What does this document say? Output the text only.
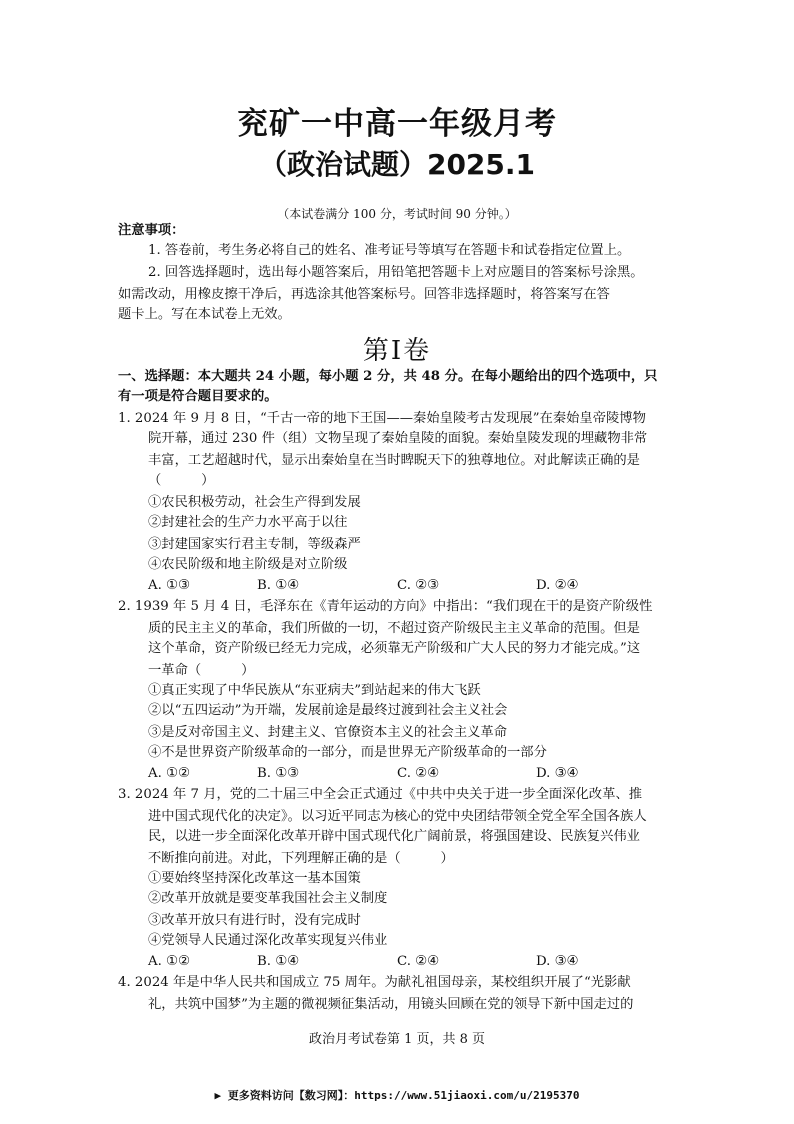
兖矿一中高一年级月考
（政治试题）2025.1
（本试卷满分 100 分，考试时间 90 分钟。）
注意事项：
1. 答卷前，考生务必将自己的姓名、准考证号等填写在答题卡和试卷指定位置上。
2. 回答选择题时，选出每小题答案后，用铅笔把答题卡上对应题目的答案标号涂黑。
如需改动，用橡皮擦干净后，再选涂其他答案标号。回答非选择题时，将答案写在答
题卡上。写在本试卷上无效。
第Ⅰ卷
一、选择题：本大题共 24 小题，每小题 2 分，共 48 分。在每小题给出的四个选项中，只
有一项是符合题目要求的。
1. 2024 年 9 月 8 日，“千古一帝的地下王国——秦始皇陵考古发现展”在秦始皇帝陵博物
院开幕，通过 230 件（组）文物呈现了秦始皇陵的面貌。秦始皇陵发现的埋藏物非常
丰富，工艺超越时代，显示出秦始皇在当时睥睨天下的独尊地位。对此解读正确的是
（　　　）
①农民积极劳动，社会生产得到发展
②封建社会的生产力水平高于以往
③封建国家实行君主专制，等级森严
④农民阶级和地主阶级是对立阶级
A. ①③	B. ①④	C. ②③	D. ②④
2. 1939 年 5 月 4 日，毛泽东在《青年运动的方向》中指出：“我们现在干的是资产阶级性
质的民主主义的革命，我们所做的一切，不超过资产阶级民主主义革命的范围。但是
这个革命，资产阶级已经无力完成，必须靠无产阶级和广大人民的努力才能完成。”这
一革命（　　　）
①真正实现了中华民族从“东亚病夫”到站起来的伟大飞跃
②以“五四运动”为开端，发展前途是最终过渡到社会主义社会
③是反对帝国主义、封建主义、官僚资本主义的社会主义革命
④不是世界资产阶级革命的一部分，而是世界无产阶级革命的一部分
A. ①②	B. ①③	C. ②④	D. ③④
3. 2024 年 7 月，党的二十届三中全会正式通过《中共中央关于进一步全面深化改革、推
进中国式现代化的决定》。以习近平同志为核心的党中央团结带领全党全军全国各族人
民，以进一步全面深化改革开辟中国式现代化广阔前景，将强国建设、民族复兴伟业
不断推向前进。对此，下列理解正确的是（　　　）
①要始终坚持深化改革这一基本国策
②改革开放就是要变革我国社会主义制度
③改革开放只有进行时，没有完成时
④党领导人民通过深化改革实现复兴伟业
A. ①②	B. ①④	C. ②④	D. ③④
4. 2024 年是中华人民共和国成立 75 周年。为献礼祖国母亲，某校组织开展了“光影献
礼，共筑中国梦”为主题的微视频征集活动，用镜头回顾在党的领导下新中国走过的
政治月考试卷第 1 页，共 8 页
▶ 更多资料访问【数习网】：https://www.51jiaoxi.com/u/2195370
